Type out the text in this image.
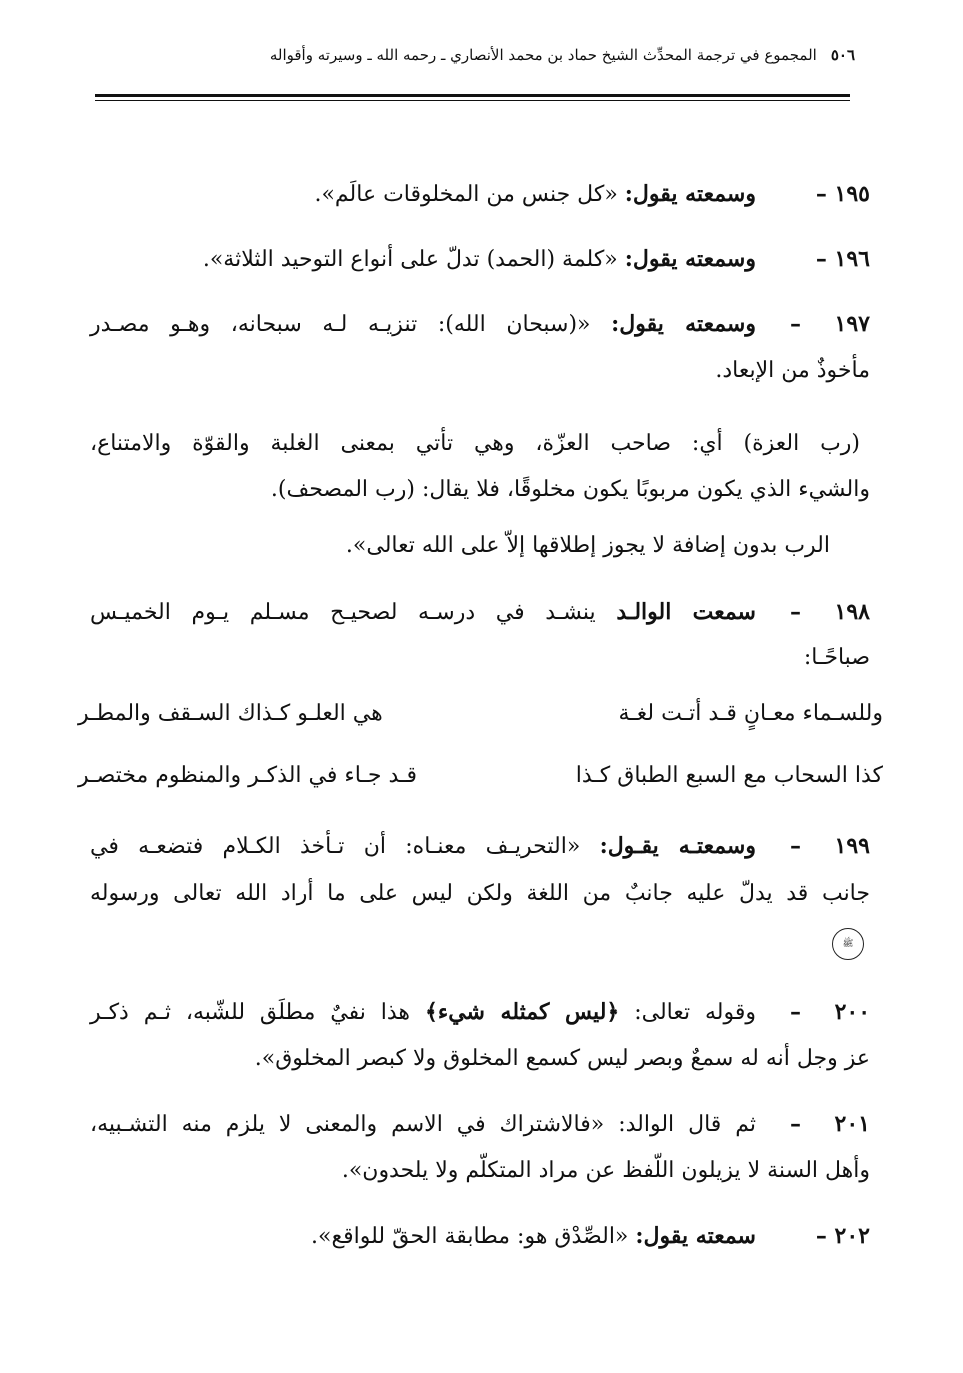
٥٠٦
المجموع في ترجمة المحدِّث الشيخ حماد بن محمد الأنصاري ـ رحمه الله ـ وسيرته وأقواله
١٩٥ –وسمعته يقول: «كل جنس من المخلوقات عالَم».
١٩٦ –وسمعته يقول: «كلمة (الحمد) تدلّ على أنواع التوحيد الثلاثة».
١٩٧ –وسمعته يقول: «(سبحان الله): تنزيـه لـه سبحانه، وهـو مصـدر
مأخوذٌ من الإبعاد.
(رب العزة) أي: صاحب العزّة، وهي تأتي بمعنى الغلبة والقوّة والامتناع،
والشيء الذي يكون مربوبًا يكون مخلوقًا، فلا يقال: (رب المصحف).
الرب بدون إضافة لا يجوز إطلاقها إلاّ على الله تعالى».
١٩٨ –سمعت الوالـد ينشـد في درسـه لصحيـح مسـلم يـوم الخميـس
صباحًـا:
وللسـماء معـانٍ قـد أتـت لغـة
هي العلـو كـذاك السـقف والمطـر
كذا السحاب مع السبع الطباق كـذا
قـد جـاء في الذكـر والمنظوم مختصـر
١٩٩ –وسمعتـه يقـول: «التحريـف معنـاه: أن تـأخذ الكـلام فتضعـه في
جانب قد يدلّ عليه جانبٌ من اللغة ولكن ليس على ما أراد الله تعالى ورسوله
ﷺ
٢٠٠ –وقوله تعالى: ﴿ليس كمثله شيء﴾ هذا نفيٌ مطلَق للشّبه، ثـم ذكـر
عز وجل أنه له سمعٌ وبصر ليس كسمع المخلوق ولا كبصر المخلوق».
٢٠١ –ثم قال الوالد: «فالاشتراك في الاسم والمعنى لا يلزم منه التشـبيه،
وأهل السنة لا يزيلون اللّفظ عن مراد المتكلّم ولا يلحدون».
٢٠٢ –سمعته يقول: «الصِّدْق هو: مطابقة الحقّ للواقع».
